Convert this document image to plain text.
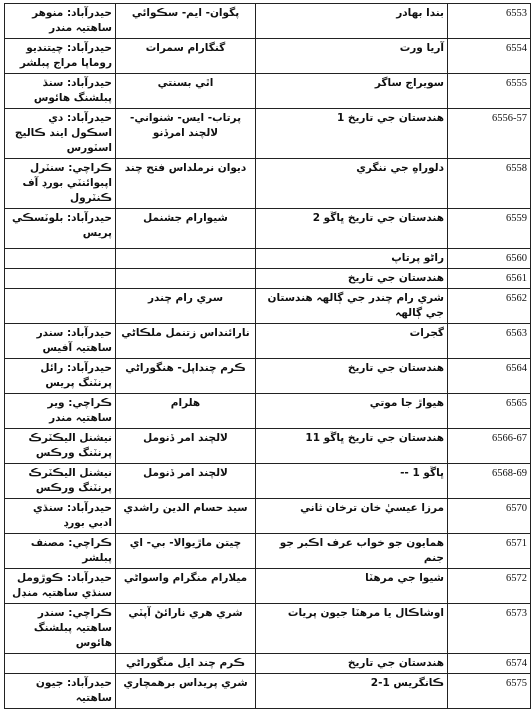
حيدرآباد: منوهر ساهتيہ مندر	پگوان- ايم- سڪوائي	بندا بهادر	6553
حيدرآباد: چيتنديو روماپا مراج پبلشر	گنگارام سمرات	آريا ورت	6554
حيدرآباد: سنڌ پبلشنگ هائوس	اٿي بسنتي	سويراج ساگر	6555
حيدرآباد: دي اسڪول ايند ڪاليج اسٽورس	پرتاب- ايس- شنواني- لالچند امرڏنو	هندستان جي تاريخ 1	6556-57
ڪراچي: سنٽرل اپبوائنٽي بورڊ آف ڪنٽرول	ديوان نرملداس فتح چند	دلوراهِ جي ننگري	6558
حيدرآباد: بلوٽسڪي پريس	شيوارام جشنمل	هندستان جي تاريخ ڀاڱو 2	6559
		راڻو پرتاپ	6560
		هندستان جي تاريخ	6561
	سري رام چندر	شري رام چندر جي ڳالهہ هندستان جي ڳالهہ	6562
حيدرآباد: سندر ساهتيہ آفيس	نارائنداس زتنمل ملڪاڻي	گجرات	6563
حيدرآباد: رائل پرنٽنگ پريس	ڪرم چنداپل- هنگوراڻي	هندستان جي تاريخ	6564
ڪراچي: وير ساهتيہ مندر	هلرام	هيواڙ جا موتي	6565
نيشنل اليڪٽرڪ پرنٽنگ ورڪس	لالچند امر ڏنومل	هندستان جي تاريخ ڀاڱو 11	6566-67
نيشنل اليڪٽرڪ پرنٽنگ ورڪس	لالچند امر ڏنومل	ڀاڱو 1 --	6568-69
حيدرآباد: سنڌي ادبي بورڊ	سيد حسام الدين راشدي	مرزا عيسيٰ خان ترخان ثاني	6570
ڪراچي: مصنف پبلشر	چيتن ماڙيوالا- بي- اي	همايون جو خواب عرف اڪبر جو جنم	6571
حيدرآباد: ڪوڙومل سنڌي ساهتيہ منڊل	ميلارام منگرام واسواڻي	شيوا جي مرهٽا	6572
ڪراچي: سندر ساهتيہ پبلشنگ هائوس	شري هري نارائڻ آپٽي	اوشاڪال يا مرهٽا جيون پريات	6573
	ڪرم چند ايل منگوراڻي	هندستان جي تاريخ	6574
حيدرآباد: جيون ساهتيہ	شري پريداس برهمچاري	ڪانگريس 1-2	6575
